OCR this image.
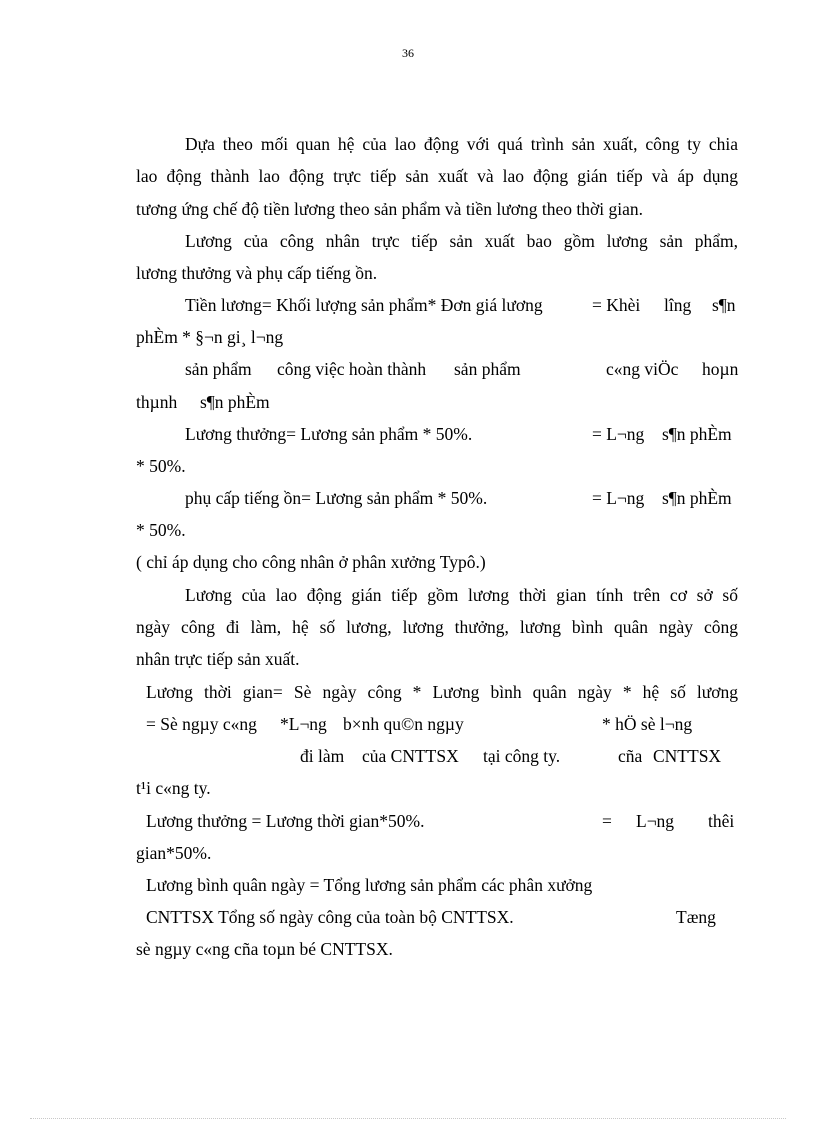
36
Dựa theo mối quan hệ của lao động với quá trình sản xuất, công ty chia
lao động thành lao động trực tiếp sản xuất và lao động gián tiếp và áp dụng
tương ứng chế độ tiền lương theo sản phẩm và tiền lương theo thời gian.
Lương của công nhân trực tiếp sản xuất bao gồm lương sản phẩm,
lương thưởng và phụ cấp tiếng ồn.
Tiền lương= Khối lượng sản phẩm* Đơn giá lương	= Khèi lîng s¶n
phÈm * §¬n gi¸ l¬ng
sản phẩm công việc hoàn thành sản phẩm	c«ng viÖc hoµn
thµnh s¶n phÈm
Lương thưởng= Lương sản phẩm * 50%.	= L¬ng s¶n phÈm
* 50%.
phụ cấp tiếng ồn= Lương sản phẩm * 50%.	= L¬ng s¶n phÈm
* 50%.
( chỉ áp dụng cho công nhân ở phân xưởng Typô.)
Lương của lao động gián tiếp gồm lương thời gian tính trên cơ sở số
ngày công đi làm, hệ số lương, lương thưởng, lương bình quân ngày công
nhân trực tiếp sản xuất.
Lương thời gian= Sè ngày công * Lương bình quân ngày * hệ số lương
= Sè ngµy c«ng *L¬ng b×nh qu©n ngµy	* hÖ sè l¬ng
đi làm của CNTTSX tại công ty.	cña CNTTSX
t¹i c«ng ty.
Lương thưởng = Lương thời gian*50%.	= L¬ng thêi
gian*50%.
Lương bình quân ngày = Tổng lương sản phẩm các phân xưởng
CNTTSX Tổng số ngày công của toàn bộ CNTTSX.	Tæng
sè ngµy c«ng cña toµn bé CNTTSX.
